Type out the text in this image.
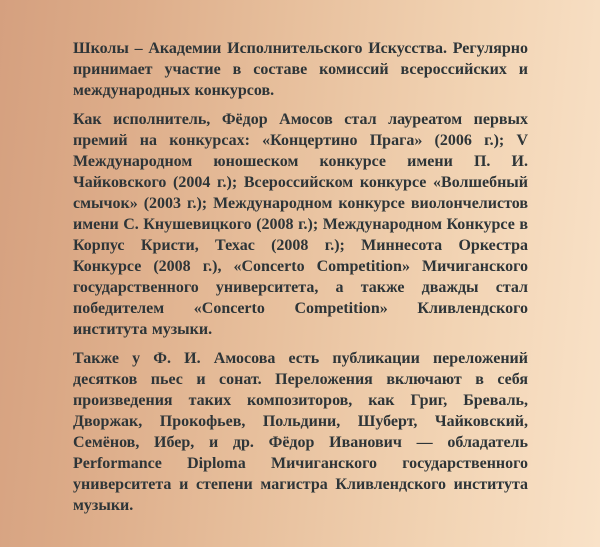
Школы – Академии Исполнительского Искусства. Регулярно принимает участие в составе комиссий всероссийских и международных конкурсов.

Как исполнитель, Фёдор Амосов стал лауреатом первых премий на конкурсах: «Концертино Прага» (2006 г.); V Международном юношеском конкурсе имени П. И. Чайковского (2004 г.); Всероссийском конкурсе «Волшебный смычок» (2003 г.); Международном конкурсе виолончелистов имени С. Кнушевицкого (2008 г.); Международном Конкурсе в Корпус Кристи, Техас (2008 г.); Миннесота Оркестра Конкурсе (2008 г.), «Concerto Competition» Мичиганского государственного университета, а также дважды стал победителем «Concerto Competition» Кливлендского института музыки.

Также у Ф. И. Амосова есть публикации переложений десятков пьес и сонат. Переложения включают в себя произведения таких композиторов, как Григ, Бреваль, Дворжак, Прокофьев, Польдини, Шуберт, Чайковский, Семёнов, Ибер, и др. Фёдор Иванович — обладатель Performance Diploma Мичиганского государственного университета и степени магистра Кливлендского института музыки.
